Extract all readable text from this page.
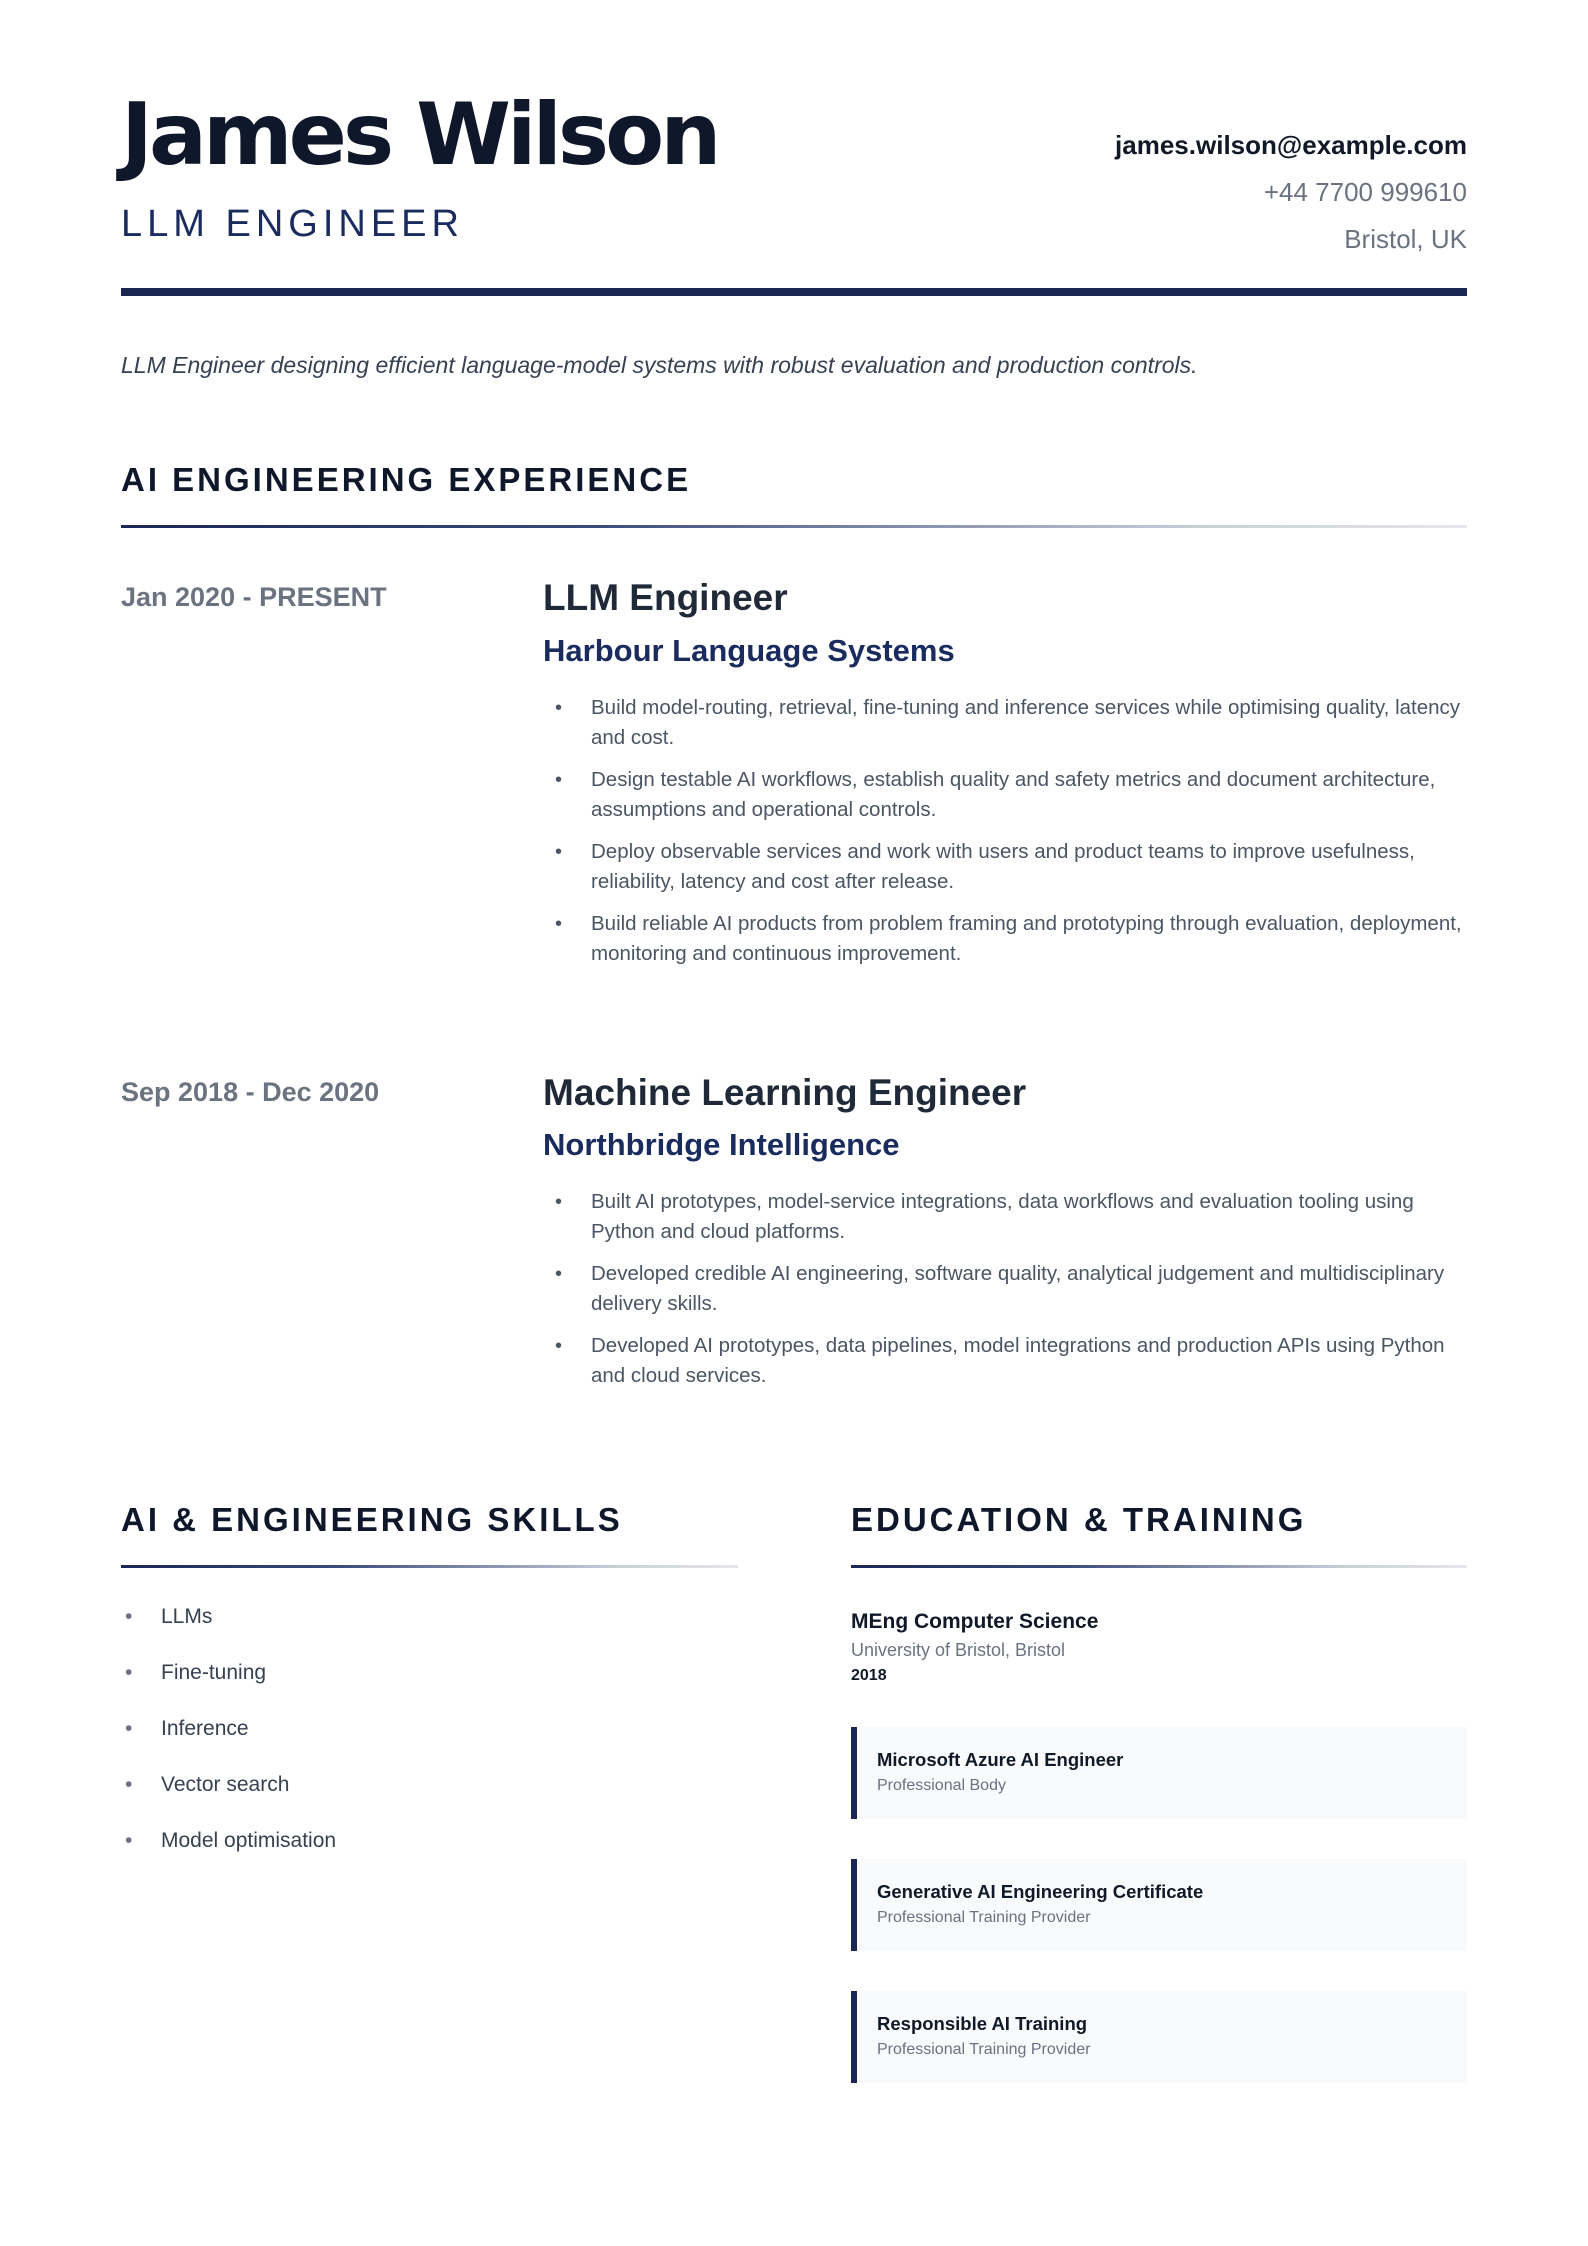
James Wilson
LLM ENGINEER
james.wilson@example.com
+44 7700 999610
Bristol, UK
LLM Engineer designing efficient language-model systems with robust evaluation and production controls.
AI ENGINEERING EXPERIENCE
Jan 2020 - PRESENT	LLM Engineer
Harbour Language Systems
• Build model-routing, retrieval, fine-tuning and inference services while optimising quality, latency and cost.
• Design testable AI workflows, establish quality and safety metrics and document architecture, assumptions and operational controls.
• Deploy observable services and work with users and product teams to improve usefulness, reliability, latency and cost after release.
• Build reliable AI products from problem framing and prototyping through evaluation, deployment, monitoring and continuous improvement.
Sep 2018 - Dec 2020	Machine Learning Engineer
Northbridge Intelligence
• Built AI prototypes, model-service integrations, data workflows and evaluation tooling using Python and cloud platforms.
• Developed credible AI engineering, software quality, analytical judgement and multidisciplinary delivery skills.
• Developed AI prototypes, data pipelines, model integrations and production APIs using Python and cloud services.
AI & ENGINEERING SKILLS
• LLMs
• Fine-tuning
• Inference
• Vector search
• Model optimisation
EDUCATION & TRAINING
MEng Computer Science
University of Bristol, Bristol
2018
Microsoft Azure AI Engineer
Professional Body
Generative AI Engineering Certificate
Professional Training Provider
Responsible AI Training
Professional Training Provider
